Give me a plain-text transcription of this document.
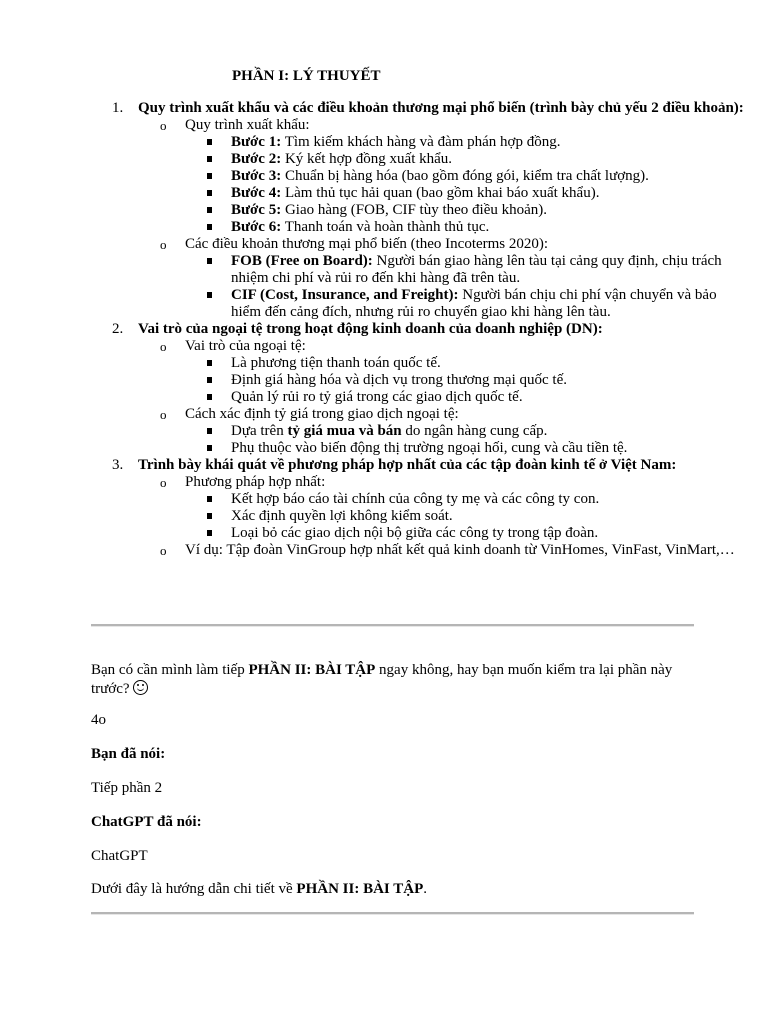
PHẦN I: LÝ THUYẾT
1. Quy trình xuất khẩu và các điều khoản thương mại phổ biến (trình bày chủ yếu 2 điều khoản):
o Quy trình xuất khẩu:
Bước 1: Tìm kiếm khách hàng và đàm phán hợp đồng.
Bước 2: Ký kết hợp đồng xuất khẩu.
Bước 3: Chuẩn bị hàng hóa (bao gồm đóng gói, kiểm tra chất lượng).
Bước 4: Làm thủ tục hải quan (bao gồm khai báo xuất khẩu).
Bước 5: Giao hàng (FOB, CIF tùy theo điều khoản).
Bước 6: Thanh toán và hoàn thành thủ tục.
o Các điều khoản thương mại phổ biến (theo Incoterms 2020):
FOB (Free on Board): Người bán giao hàng lên tàu tại cảng quy định, chịu trách nhiệm chi phí và rủi ro đến khi hàng đã trên tàu.
CIF (Cost, Insurance, and Freight): Người bán chịu chi phí vận chuyển và bảo hiểm đến cảng đích, nhưng rủi ro chuyển giao khi hàng lên tàu.
2. Vai trò của ngoại tệ trong hoạt động kinh doanh của doanh nghiệp (DN):
o Vai trò của ngoại tệ:
Là phương tiện thanh toán quốc tế.
Định giá hàng hóa và dịch vụ trong thương mại quốc tế.
Quản lý rủi ro tỷ giá trong các giao dịch quốc tế.
o Cách xác định tỷ giá trong giao dịch ngoại tệ:
Dựa trên tỷ giá mua và bán do ngân hàng cung cấp.
Phụ thuộc vào biến động thị trường ngoại hối, cung và cầu tiền tệ.
3. Trình bày khái quát về phương pháp hợp nhất của các tập đoàn kinh tế ở Việt Nam:
o Phương pháp hợp nhất:
Kết hợp báo cáo tài chính của công ty mẹ và các công ty con.
Xác định quyền lợi không kiểm soát.
Loại bỏ các giao dịch nội bộ giữa các công ty trong tập đoàn.
o Ví dụ: Tập đoàn VinGroup hợp nhất kết quả kinh doanh từ VinHomes, VinFast, VinMart,…
Bạn có cần mình làm tiếp PHẦN II: BÀI TẬP ngay không, hay bạn muốn kiểm tra lại phần này trước?
4o
Bạn đã nói:
Tiếp phần 2
ChatGPT đã nói:
ChatGPT
Dưới đây là hướng dẫn chi tiết về PHẦN II: BÀI TẬP.
